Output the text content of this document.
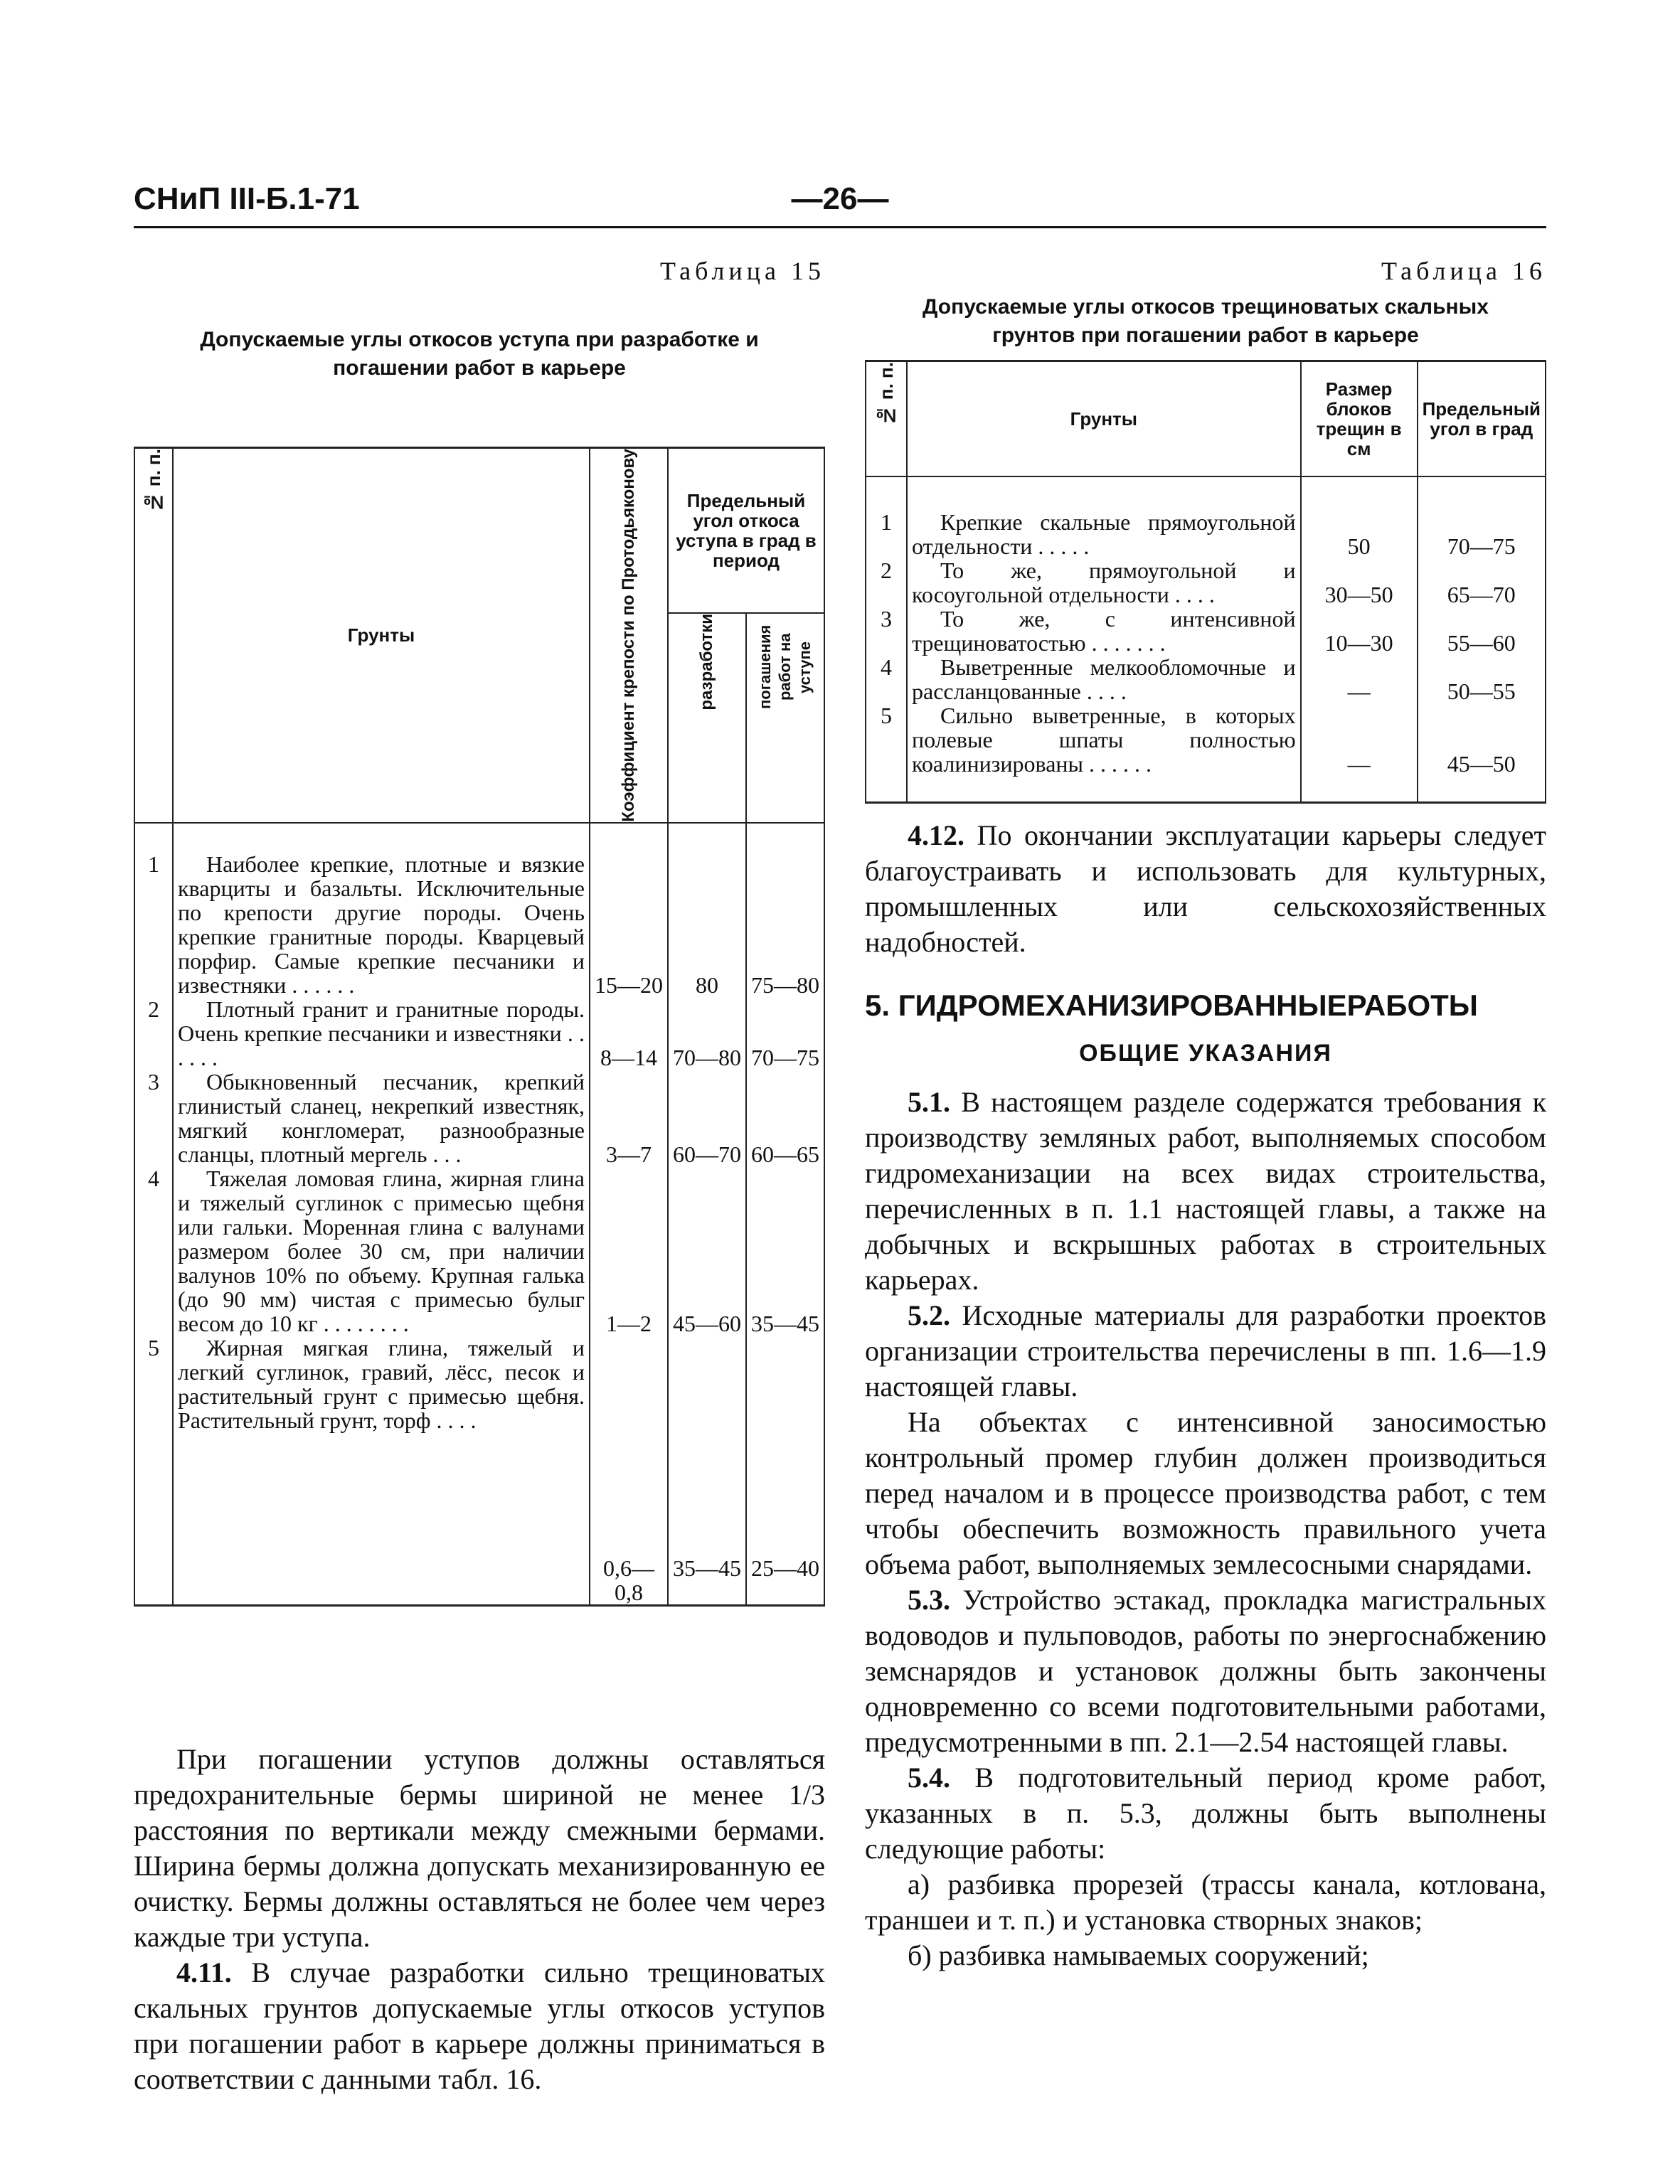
СНиП III-Б.1-71	—26—
Таблица 15
Допускаемые углы откосов уступа при разработке и погашении работ в карьере
№ п. п.	Грунты	Коэффициент крепости по Протодьяконову	Предельный угол откоса уступа в град в период	

			разработки	погашения работ на уступе

1	Наиболее крепкие, плотные и вязкие кварциты и базальты. Исключительные по крепости другие породы. Очень крепкие гранитные породы. Кварцевый порфир. Самые крепкие песчаники и известняки . . . . . .	15—20	80	75—80
2	Плотный гранит и гранитные породы. Очень крепкие песчаники и известняки . . . . . .	8—14	70—80	70—75
3	Обыкновенный песчаник, крепкий глинистый сланец, некрепкий известняк, мягкий конгломерат, разнообразные сланцы, плотный мергель . . .	3—7	60—70	60—65
4	Тяжелая ломовая глина, жирная глина и тяжелый суглинок с примесью щебня или гальки. Моренная глина с валунами размером более 30 см, при наличии валунов 10% по объему. Крупная галька (до 90 мм) чистая с примесью булыг весом до 10 кг . . . . . . . .	1—2	45—60	35—45
5	Жирная мягкая глина, тяжелый и легкий суглинок, гравий, лёсс, песок и растительный грунт с примесью щебня. Растительный грунт, торф . . . .	0,6—0,8	35—45	25—40

При погашении уступов должны оставляться предохранительные бермы шириной не менее 1/3 расстояния по вертикали между смежными бермами. Ширина бермы должна допускать механизированную ее очистку. Бермы должны оставляться не более чем через каждые три уступа.

4.11. В случае разработки сильно трещиноватых скальных грунтов допускаемые углы откосов уступов при погашении работ в карьере должны приниматься в соответствии с данными табл. 16.

Таблица 16
Допускаемые углы откосов трещиноватых скальных грунтов при погашении работ в карьере
№ п. п.	Грунты	Размер блоков трещин в см	Предельный угол в град
1	Крепкие скальные прямоугольной отдельности . . . . .	50	70—75
2	То же, прямоугольной и косоугольной отдельности . . . .	30—50	65—70
3	То же, с интенсивной трещиноватостью . . . . . . .	10—30	55—60
4	Выветренные мелкообломочные и рассланцованные . . . .	—	50—55
5	Сильно выветренные, в которых полевые шпаты полностью коалинизированы . . . . . .	—	45—50

4.12. По окончании эксплуатации карьеры следует благоустраивать и использовать для культурных, промышленных или сельскохозяйственных надобностей.

5. ГИДРОМЕХАНИЗИРОВАННЫЕРАБОТЫ
ОБЩИЕ УКАЗАНИЯ

5.1. В настоящем разделе содержатся требования к производству земляных работ, выполняемых способом гидромеханизации на всех видах строительства, перечисленных в п. 1.1 настоящей главы, а также на добычных и вскрышных работах в строительных карьерах.

5.2. Исходные материалы для разработки проектов организации строительства перечислены в пп. 1.6—1.9 настоящей главы.

На объектах с интенсивной заносимостью контрольный промер глубин должен производиться перед началом и в процессе производства работ, с тем чтобы обеспечить возможность правильного учета объема работ, выполняемых землесосными снарядами.

5.3. Устройство эстакад, прокладка магистральных водоводов и пульповодов, работы по энергоснабжению земснарядов и установок должны быть закончены одновременно со всеми подготовительными работами, предусмотренными в пп. 2.1—2.54 настоящей главы.

5.4. В подготовительный период кроме работ, указанных в п. 5.3, должны быть выполнены следующие работы:

а) разбивка прорезей (трассы канала, котлована, траншеи и т. п.) и установка створных знаков;

б) разбивка намываемых сооружений;
